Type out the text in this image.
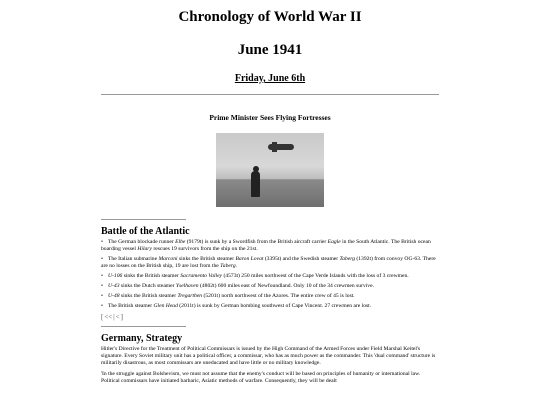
Chronology of World War II
June 1941
Friday, June 6th
Prime Minister Sees Flying Fortresses
Battle of the Atlantic
• The German blockade runner Elbe (9179t) is sunk by a Swordfish from the British aircraft carrier Eagle in the South Atlantic. The British ocean boarding vessel Hilary rescues 19 survivors from the ship on the 21st.
• The Italian submarine Marconi sinks the British steamer Baron Lovat (3395t) and the Swedish steamer Taberg (1392t) from convoy OG-63. There are no losses on the British ship, 19 are lost from the Taberg.
• U-106 sinks the British steamer Sacramento Valley (4573t) 250 miles northwest of the Cape Verde Islands with the loss of 3 crewmen.
• U-43 sinks the Dutch steamer Yselhaven (4802t) 600 miles east of Newfoundland. Only 10 of the 34 crewmen survive.
• U-48 sinks the British steamer Tregarthen (5201t) north northwest of the Azores. The entire crew of 45 is lost.
• The British steamer Glen Head (2011t) is sunk by German bombing southwest of Cape Vincent. 27 crewmen are lost.
[<<|<]
Germany, Strategy

Hitler's Directive for the Treatment of Political Commissars is issued by the High Command of the Armed Forces under Field Marshal Keitel's signature. Every Soviet military unit has a political officer, a commissar, who has as much power as the commander. This 'dual command' structure is militarily disastrous, as most commissars are uneducated and have little or no military knowledge.

'In the struggle against Bolshevism, we must not assume that the enemy's conduct will be based on principles of humanity or international law. Political commissars have initiated barbaric, Asiatic methods of warfare. Consequently, they will be dealt
